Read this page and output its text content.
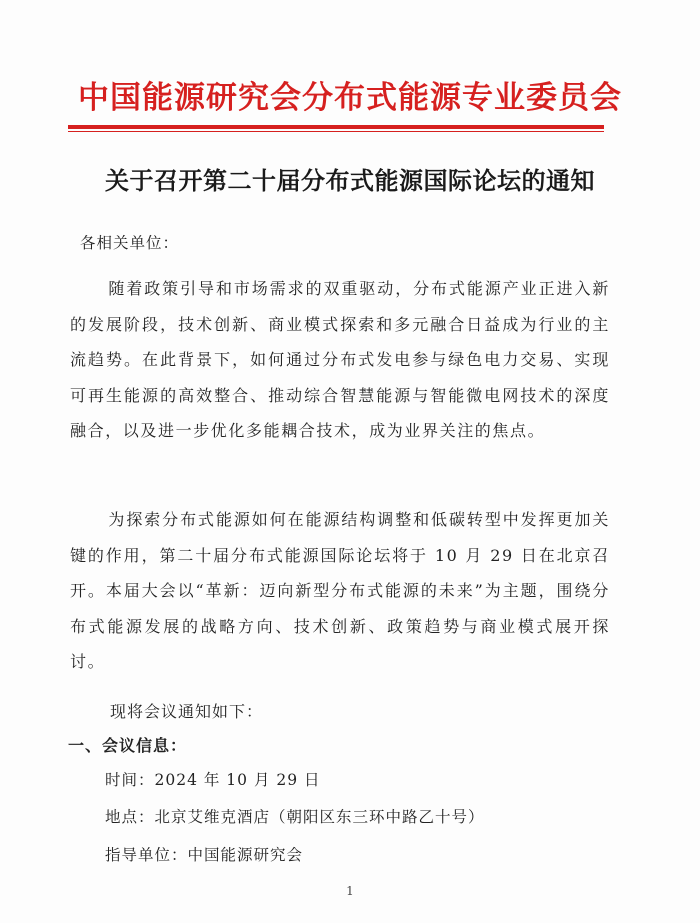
中国能源研究会分布式能源专业委员会
关于召开第二十届分布式能源国际论坛的通知
各相关单位：
随着政策引导和市场需求的双重驱动，分布式能源产业正进入新的发展阶段，技术创新、商业模式探索和多元融合日益成为行业的主流趋势。在此背景下，如何通过分布式发电参与绿色电力交易、实现可再生能源的高效整合、推动综合智慧能源与智能微电网技术的深度融合，以及进一步优化多能耦合技术，成为业界关注的焦点。
为探索分布式能源如何在能源结构调整和低碳转型中发挥更加关键的作用，第二十届分布式能源国际论坛将于 10 月 29 日在北京召开。本届大会以“革新：迈向新型分布式能源的未来”为主题，围绕分布式能源发展的战略方向、技术创新、政策趋势与商业模式展开探讨。
现将会议通知如下：
一、会议信息：
时间：2024 年 10 月 29 日
地点：北京艾维克酒店（朝阳区东三环中路乙十号）
指导单位：中国能源研究会
1
